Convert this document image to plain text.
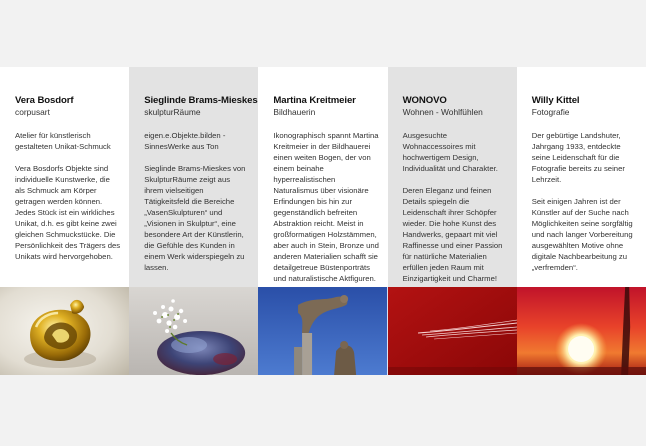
Vera Bosdorf
corpusart

Atelier für künstlerisch gestalteten Unikat-Schmuck

Vera Bosdorfs Objekte sind individuelle Kunstwerke, die als Schmuck am Körper getragen werden können. Jedes Stück ist ein wirkliches Unikat, d.h. es gibt keine zwei gleichen Schmuckstücke. Die Persönlichkeit des Trägers des Unikats wird hervorgehoben.

Sieglinde Brams-Mieskes
skulpturRäume

eigen.e.Objekte.bilden - SinnesWerke aus Ton

Sieglinde Brams-Mieskes von SkulpturRäume zeigt aus ihrem vielseitigen Tätigkeitsfeld die Bereiche „VasenSkulpturen“ und „Visionen in Skulptur“, eine besondere Art der Künstlerin, die Gefühle des Kunden in einem Werk widerspiegeln zu lassen.

Martina Kreitmeier
Bildhauerin

Ikonographisch spannt Martina Kreitmeier in der Bildhauerei einen weiten Bogen, der von einem beinahe hyperrealistischen Naturalismus über visionäre Erfindungen bis hin zur gegenständlich befreiten Abstraktion reicht. Meist in großformatigen Holzstämmen, aber auch in Stein, Bronze und anderen Materialien schafft sie detailgetreue Büstenporträts und naturalistische Aktfiguren.

WONOVO
Wohnen - Wohlfühlen

Ausgesuchte Wohnaccessoires mit hochwertigem Design, Individualität und Charakter.

Deren Eleganz und feinen Details spiegeln die Leidenschaft ihrer Schöpfer wieder. Die hohe Kunst des Handwerks, gepaart mit viel Raffinesse und einer Passion für natürliche Materialien erfüllen jeden Raum mit Einzigartigkeit und Charme!

Willy Kittel
Fotografie

Der gebürtige Landshuter, Jahrgang 1933, entdeckte seine Leidenschaft für die Fotografie bereits zu seiner Lehrzeit.

Seit einigen Jahren ist der Künstler auf der Suche nach Möglichkeiten seine sorgfältig und nach langer Vorbereitung ausgewählten Motive ohne digitale Nachbearbeitung zu „verfremden“.
